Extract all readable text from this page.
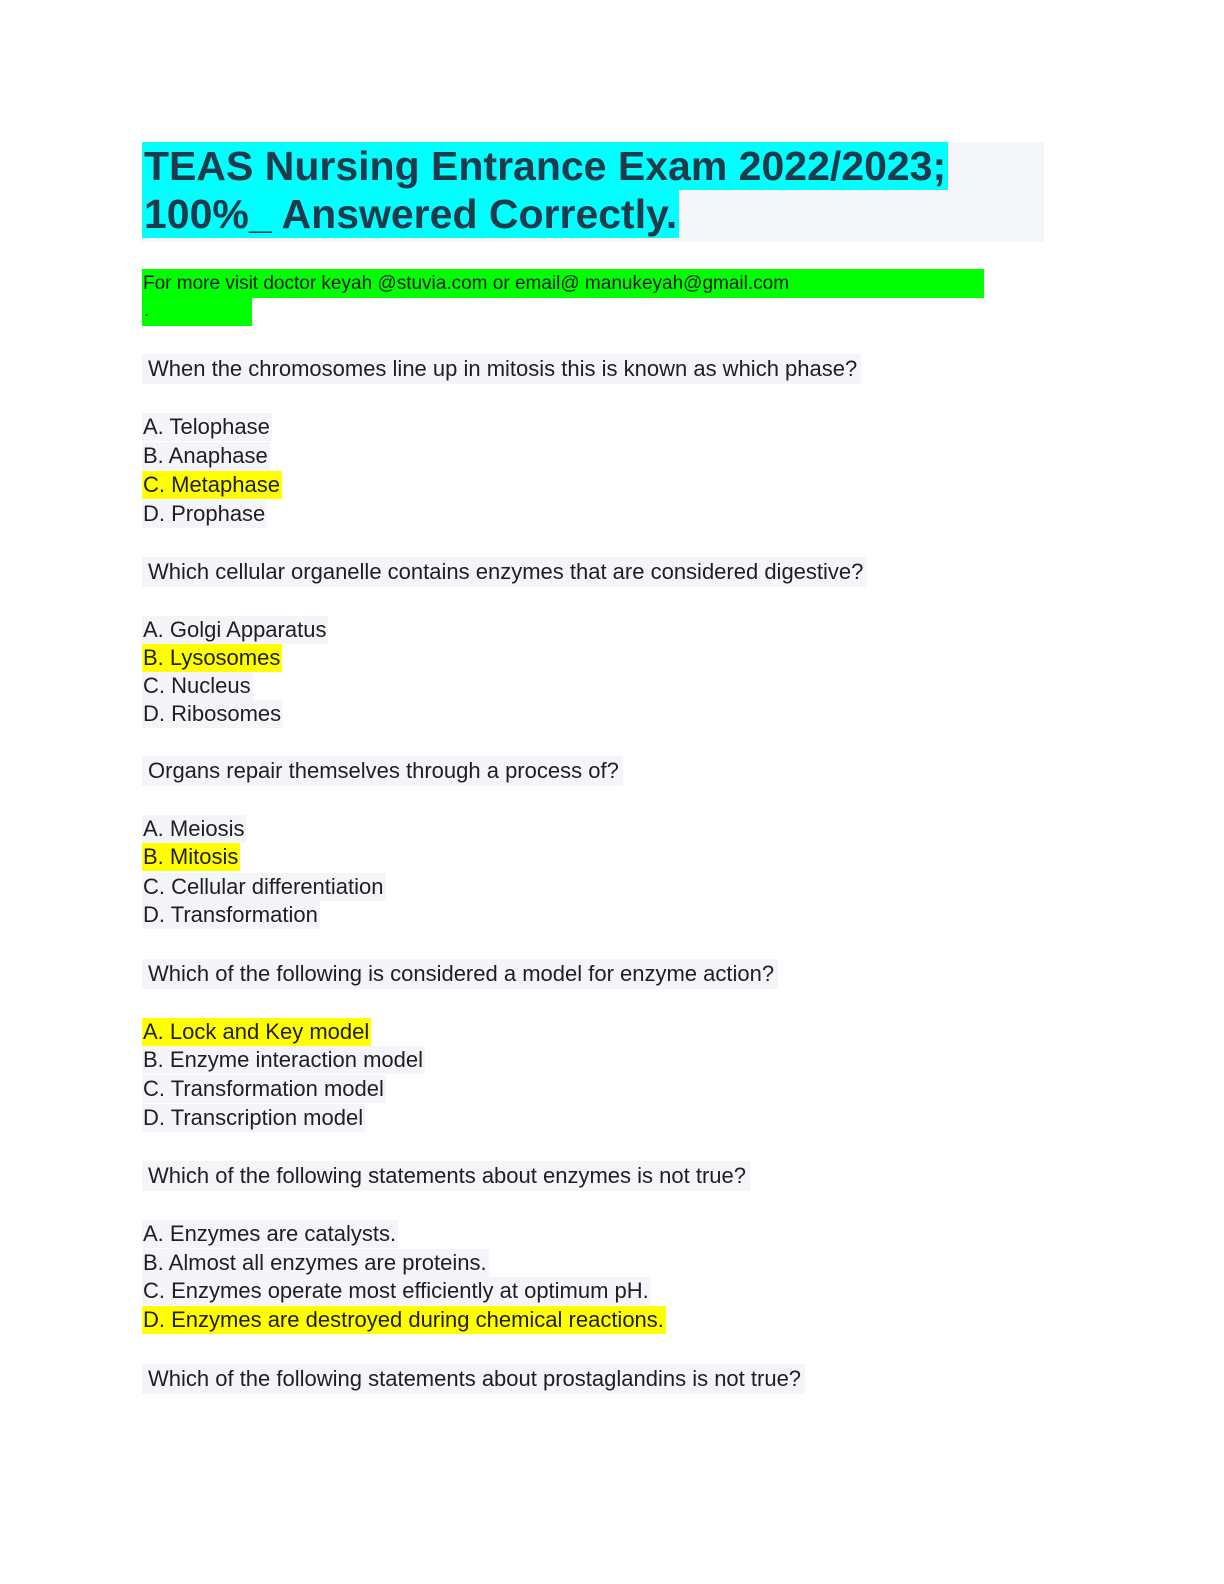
TEAS Nursing Entrance Exam 2022/2023;
100%_ Answered Correctly.
For more visit doctor keyah @stuvia.com or email@ manukeyah@gmail.com
.
When the chromosomes line up in mitosis this is known as which phase?
A. Telophase
B. Anaphase
C. Metaphase
D. Prophase
Which cellular organelle contains enzymes that are considered digestive?
A. Golgi Apparatus
B. Lysosomes
C. Nucleus
D. Ribosomes
Organs repair themselves through a process of?
A. Meiosis
B. Mitosis
C. Cellular differentiation
D. Transformation
Which of the following is considered a model for enzyme action?
A. Lock and Key model
B. Enzyme interaction model
C. Transformation model
D. Transcription model
Which of the following statements about enzymes is not true?
A. Enzymes are catalysts.
B. Almost all enzymes are proteins.
C. Enzymes operate most efficiently at optimum pH.
D. Enzymes are destroyed during chemical reactions.
Which of the following statements about prostaglandins is not true?
